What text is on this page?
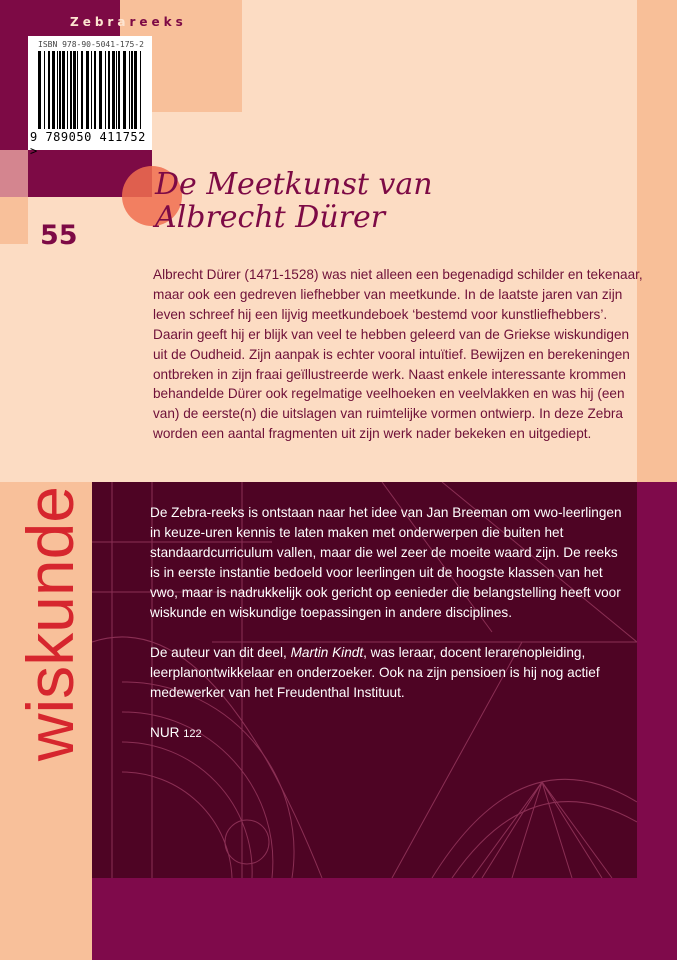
Zebrareeks
ISBN 978-90-5041-175-2
9 789050 411752 >
De Meetkunst van
Albrecht Dürer
55
Albrecht Dürer (1471-1528) was niet alleen een begenadigd schilder en tekenaar, maar ook een gedreven liefhebber van meetkunde. In de laatste jaren van zijn leven schreef hij een lijvig meetkundeboek ‘bestemd voor kunstliefhebbers’. Daarin geeft hij er blijk van veel te hebben geleerd van de Griekse wiskundigen uit de Oudheid. Zijn aanpak is echter vooral intuïtief. Bewijzen en berekeningen ontbreken in zijn fraai geïllustreerde werk. Naast enkele interessante krommen behandelde Dürer ook regelmatige veelhoeken en veelvlakken en was hij (een van) de eerste(n) die uitslagen van ruimtelijke vormen ontwierp. In deze Zebra worden een aantal fragmenten uit zijn werk nader bekeken en uitgediept.
wiskunde	De Zebra-reeks is ontstaan naar het idee van Jan Breeman om vwo-leerlingen in keuze-uren kennis te laten maken met onderwerpen die buiten het standaardcurriculum vallen, maar die wel zeer de moeite waard zijn. De reeks is in eerste instantie bedoeld voor leerlingen uit de hoogste klassen van het vwo, maar is nadrukkelijk ook gericht op eenieder die belangstelling heeft voor wiskunde en wiskundige toepassingen in andere disciplines.

De auteur van dit deel, Martin Kindt, was leraar, docent lerarenopleiding, leerplanontwikkelaar en onderzoeker. Ook na zijn pensioen is hij nog actief medewerker van het Freudenthal Instituut.

NUR 122
